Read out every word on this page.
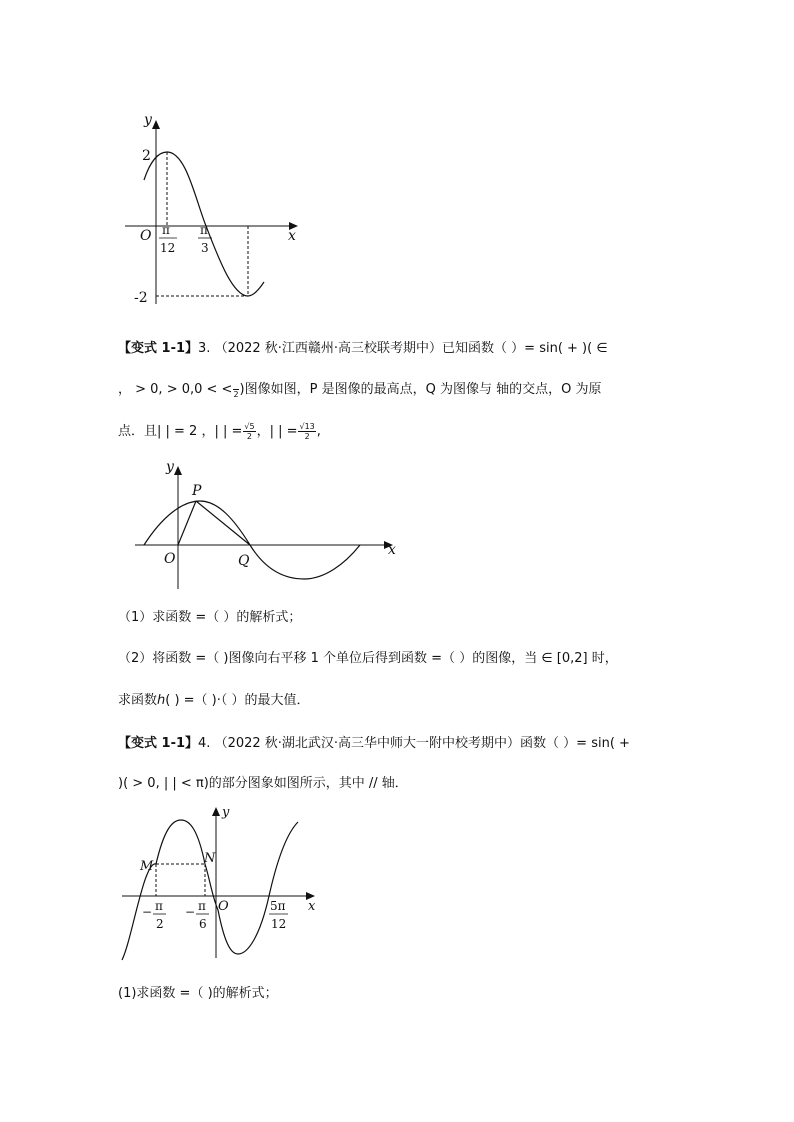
y
x
O
2
-2
π
12
π
3
【变式 1-1】3. （2022 秋·江西赣州·高三校联考期中）已知函数（ ）= sin( + )( ∈
， > 0, > 0,0 < < 2 )图像如图，P 是图像的最高点，Q 为图像与 轴的交点，O 为原
点．且| | = 2 ，| | = $\frac{√5}{2}$ ，| | = $\frac{√13}{2}$ ,
y
x
O
P
Q
（1）求函数 =（ ）的解析式；
（2）将函数 =（ )图像向右平移 1 个单位后得到函数 =（ ）的图像，当 ∈ [0,2] 时，
求函数ℎ( ) =（ )·（ ）的最大值．
【变式 1-1】4. （2022 秋·湖北武汉·高三华中师大一附中校考期中）函数（ ）= sin( +
)( > 0, | | < π)的部分图象如图所示，其中 // 轴．
y
x
O
M
N
− π
2
− π
6
5π
12
(1)求函数 =（ )的解析式；
